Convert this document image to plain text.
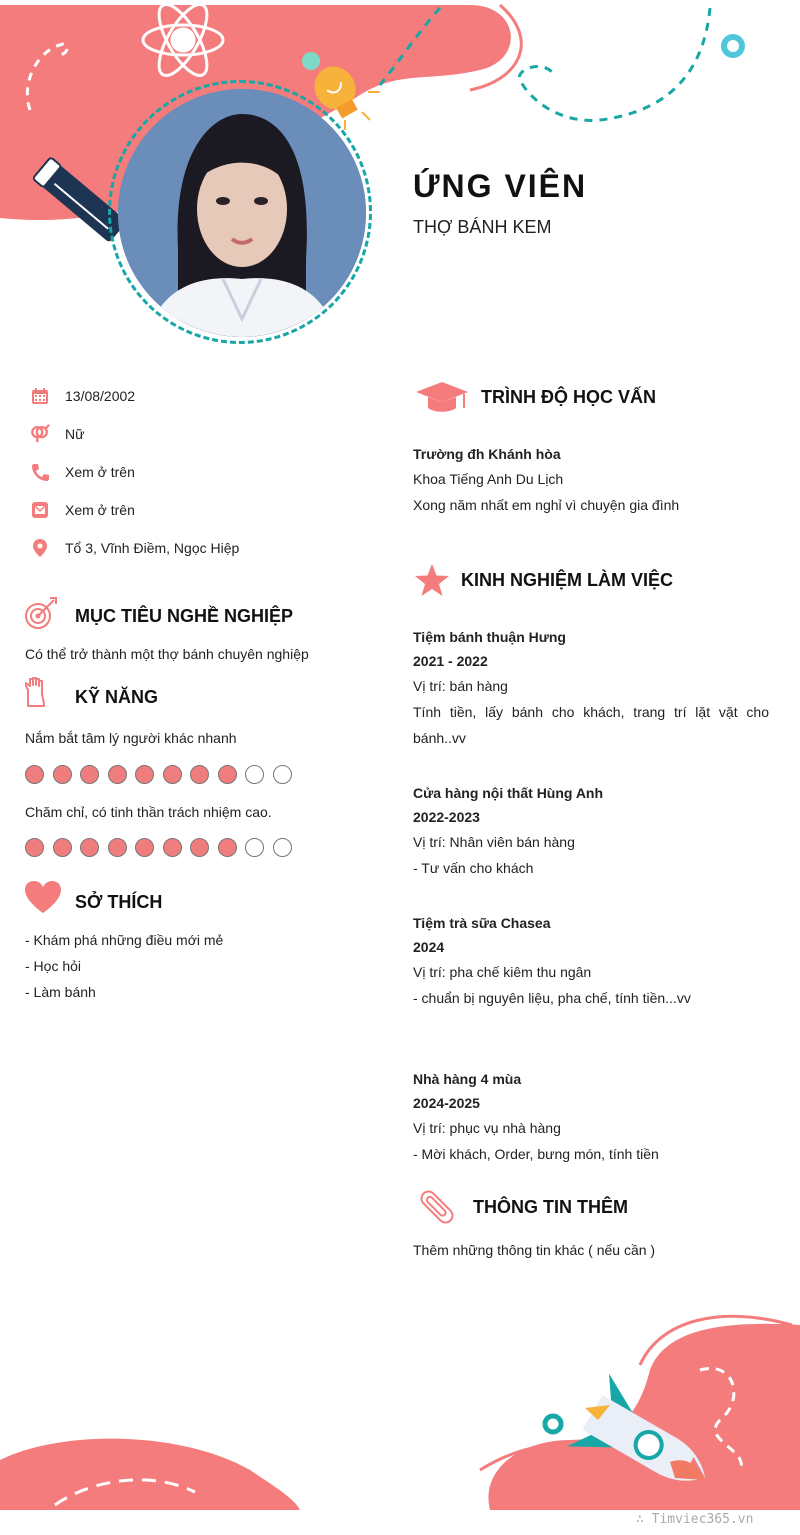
ỨNG VIÊN
THỢ BÁNH KEM
13/08/2002
Nữ
Xem ở trên
Xem ở trên
Tổ 3, Vĩnh Điềm, Ngọc Hiệp
MỤC TIÊU NGHỀ NGHIỆP
Có thể trở thành một thợ bánh chuyên nghiệp
KỸ NĂNG
Nắm bắt tâm lý người khác nhanh
Chăm chỉ, có tinh thần trách nhiệm cao.
SỞ THÍCH
- Khám phá những điều mới mẻ
- Học hỏi
- Làm bánh
TRÌNH ĐỘ HỌC VẤN
Trường đh Khánh hòa
Khoa Tiếng Anh Du Lịch
Xong năm nhất em nghỉ vì chuyện gia đình
KINH NGHIỆM LÀM VIỆC
Tiệm bánh thuận Hưng
2021 - 2022
Vị trí: bán hàng
Tính tiền, lấy bánh cho khách, trang trí lặt vặt cho bánh..vv
Cửa hàng nội thất Hùng Anh
2022-2023
Vị trí: Nhân viên bán hàng
- Tư vấn cho khách
Tiệm trà sữa Chasea
2024
Vị trí: pha chế kiêm thu ngân
- chuẩn bị nguyên liệu, pha chế, tính tiền...vv
Nhà hàng 4 mùa
2024-2025
Vị trí: phục vụ nhà hàng
- Mời khách, Order, bưng món, tính tiền
THÔNG TIN THÊM
Thêm những thông tin khác ( nếu cần )
∴ Timviec365.vn
